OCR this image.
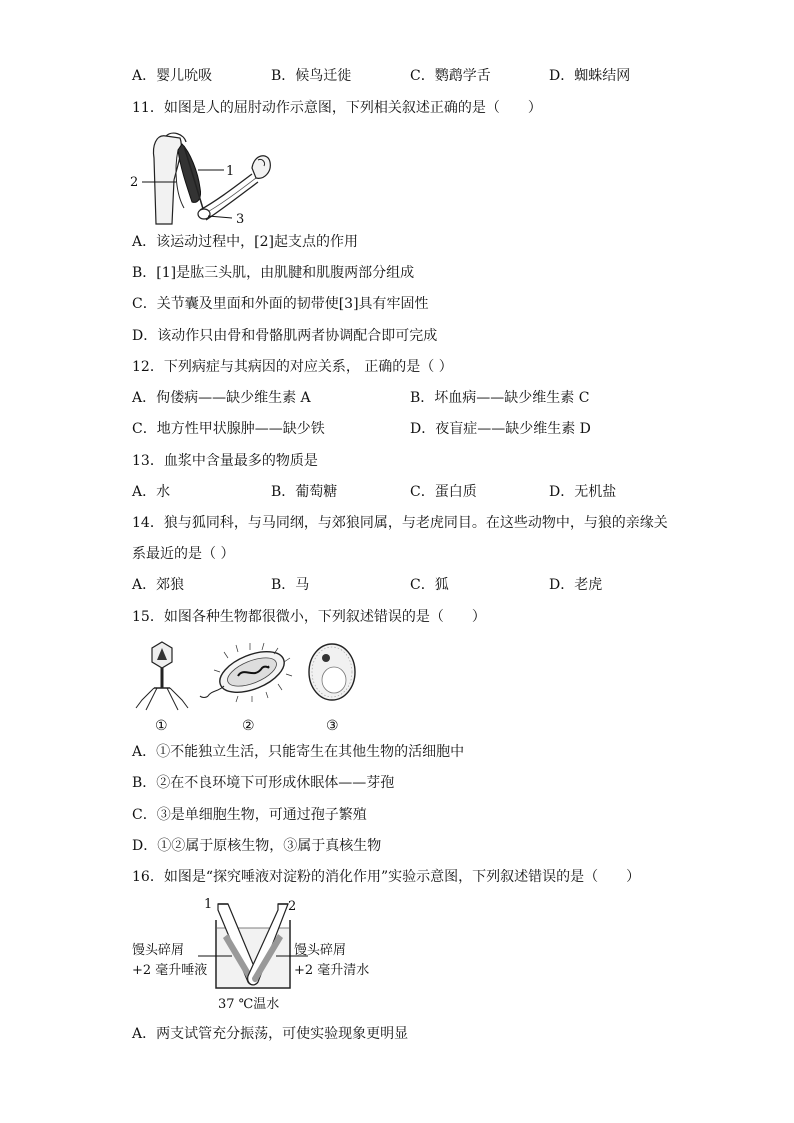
A．婴儿吮吸	B．候鸟迁徙	C．鹦鹉学舌	D．蜘蛛结网
11．如图是人的屈肘动作示意图，下列相关叙述正确的是（　　）
1
2
3
A．该运动过程中，[2]起支点的作用
B．[1]是肱三头肌，由肌腱和肌腹两部分组成
C．关节囊及里面和外面的韧带使[3]具有牢固性
D．该动作只由骨和骨骼肌两者协调配合即可完成
12．下列病症与其病因的对应关系， 正确的是（ ）
A．佝偻病——缺少维生素 A	B．坏血病——缺少维生素 C
C．地方性甲状腺肿——缺少铁	D．夜盲症——缺少维生素 D
13．血浆中含量最多的物质是
A．水	B．葡萄糖	C．蛋白质	D．无机盐
14．狼与狐同科，与马同纲，与郊狼同属，与老虎同目。在这些动物中，与狼的亲缘关
系最近的是（ ）
A．郊狼	B．马	C．狐	D．老虎
15．如图各种生物都很微小，下列叙述错误的是（　　）
①	②	③
A．①不能独立生活，只能寄生在其他生物的活细胞中
B．②在不良环境下可形成休眠体——芽孢
C．③是单细胞生物，可通过孢子繁殖
D．①②属于原核生物，③属于真核生物
16．如图是“探究唾液对淀粉的消化作用”实验示意图，下列叙述错误的是（　　）
1	2
馒头碎屑
+2 毫升唾液
馒头碎屑
+2 毫升清水
37 ℃温水
A．两支试管充分振荡，可使实验现象更明显
